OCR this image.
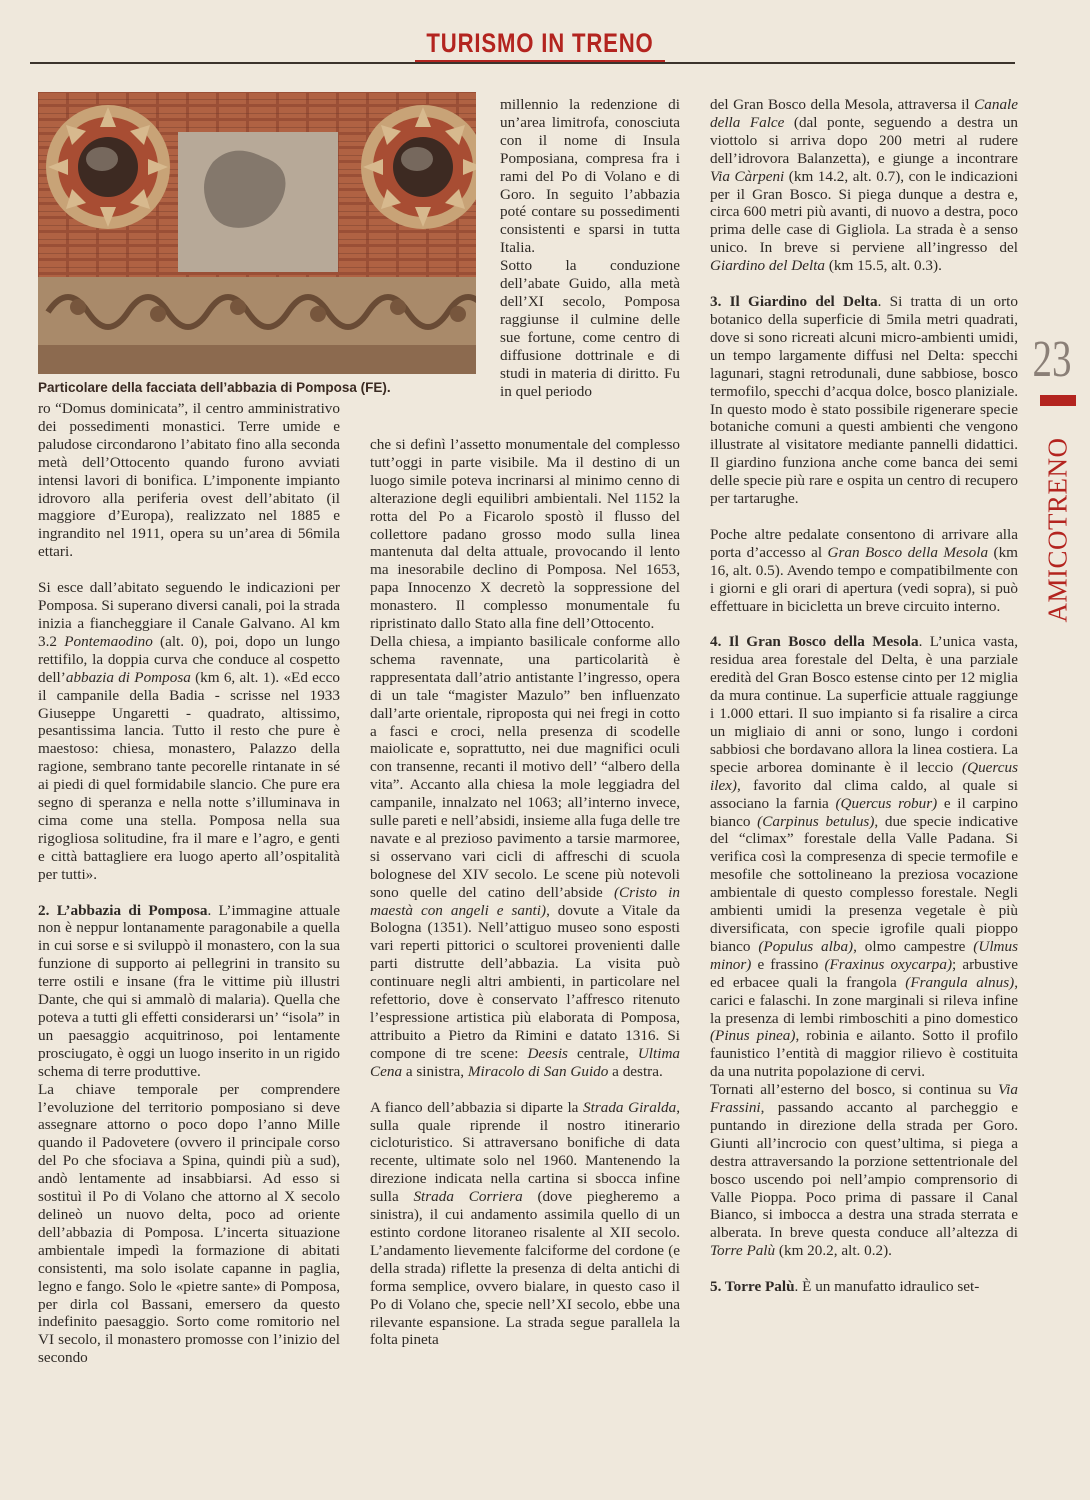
TURISMO IN TRENO
Particolare della facciata dell’abbazia di Pomposa (FE).

ro “Domus dominicata”, il centro amministrativo dei possedimenti monastici. Terre umide e paludose circondarono l’abitato fino alla seconda metà dell’Ottocento quando furono avviati intensi lavori di bonifica. L’imponente impianto idrovoro alla periferia ovest dell’abitato (il maggiore d’Europa), realizzato nel 1885 e ingrandito nel 1911, opera su un’area di 56mila ettari.

Si esce dall’abitato seguendo le indicazioni per Pomposa. Si superano diversi canali, poi la strada inizia a fiancheggiare il Canale Galvano. Al km 3.2 Pontemaodino (alt. 0), poi, dopo un lungo rettifilo, la doppia curva che conduce al cospetto dell’abbazia di Pomposa (km 6, alt. 1). «Ed ecco il campanile della Badia - scrisse nel 1933 Giuseppe Ungaretti - quadrato, altissimo, pesantissima lancia. Tutto il resto che pure è maestoso: chiesa, monastero, Palazzo della ragione, sembrano tante pecorelle rintanate in sé ai piedi di quel formidabile slancio. Che pure era segno di speranza e nella notte s’illuminava in cima come una stella. Pomposa nella sua rigogliosa solitudine, fra il mare e l’agro, e genti e città battagliere era luogo aperto all’ospitalità per tutti».

2. L’abbazia di Pomposa. L’immagine attuale non è neppur lontanamente paragonabile a quella in cui sorse e si sviluppò il monastero, con la sua funzione di supporto ai pellegrini in transito su terre ostili e insane (fra le vittime più illustri Dante, che qui si ammalò di malaria). Quella che poteva a tutti gli effetti considerarsi un’ “isola” in un paesaggio acquitrinoso, poi lentamente prosciugato, è oggi un luogo inserito in un rigido schema di terre produttive.

La chiave temporale per comprendere l’evoluzione del territorio pomposiano si deve assegnare attorno o poco dopo l’anno Mille quando il Padovetere (ovvero il principale corso del Po che sfociava a Spina, quindi più a sud), andò lentamente ad insabbiarsi. Ad esso si sostituì il Po di Volano che attorno al X secolo delineò un nuovo delta, poco ad oriente dell’abbazia di Pomposa. L’incerta situazione ambientale impedì la formazione di abitati consistenti, ma solo isolate capanne in paglia, legno e fango. Solo le «pietre sante» di Pomposa, per dirla col Bassani, emersero da questo indefinito paesaggio. Sorto come romitorio nel VI secolo, il monastero promosse con l’inizio del secondo

millennio la redenzione di un’area limitrofa, conosciuta con il nome di Insula Pomposiana, compresa fra i rami del Po di Volano e di Goro. In seguito l’abbazia poté contare su possedimenti consistenti e sparsi in tutta Italia.

Sotto la conduzione dell’abate Guido, alla metà dell’XI secolo, Pomposa raggiunse il culmine delle sue fortune, come centro di diffusione dottrinale e di studi in materia di diritto. Fu in quel periodo

che si definì l’assetto monumentale del complesso tutt’oggi in parte visibile. Ma il destino di un luogo simile poteva incrinarsi al minimo cenno di alterazione degli equilibri ambientali. Nel 1152 la rotta del Po a Ficarolo spostò il flusso del collettore padano grosso modo sulla linea mantenuta dal delta attuale, provocando il lento ma inesorabile declino di Pomposa. Nel 1653, papa Innocenzo X decretò la soppressione del monastero. Il complesso monumentale fu ripristinato dallo Stato alla fine dell’Ottocento.

Della chiesa, a impianto basilicale conforme allo schema ravennate, una particolarità è rappresentata dall’atrio antistante l’ingresso, opera di un tale “magister Mazulo” ben influenzato dall’arte orientale, riproposta qui nei fregi in cotto a fasci e croci, nella presenza di scodelle maiolicate e, soprattutto, nei due magnifici oculi con transenne, recanti il motivo dell’ “albero della vita”. Accanto alla chiesa la mole leggiadra del campanile, innalzato nel 1063; all’interno invece, sulle pareti e nell’absidi, insieme alla fuga delle tre navate e al prezioso pavimento a tarsie marmoree, si osservano vari cicli di affreschi di scuola bolognese del XIV secolo. Le scene più notevoli sono quelle del catino dell’abside (Cristo in maestà con angeli e santi), dovute a Vitale da Bologna (1351). Nell’attiguo museo sono esposti vari reperti pittorici o scultorei provenienti dalle parti distrutte dell’abbazia. La visita può continuare negli altri ambienti, in particolare nel refettorio, dove è conservato l’affresco ritenuto l’espressione artistica più elaborata di Pomposa, attribuito a Pietro da Rimini e datato 1316. Si compone di tre scene: Deesis centrale, Ultima Cena a sinistra, Miracolo di San Guido a destra.

A fianco dell’abbazia si diparte la Strada Giralda, sulla quale riprende il nostro itinerario cicloturistico. Si attraversano bonifiche di data recente, ultimate solo nel 1960. Mantenendo la direzione indicata nella cartina si sbocca infine sulla Strada Corriera (dove piegheremo a sinistra), il cui andamento assimila quello di un estinto cordone litoraneo risalente al XII secolo. L’andamento lievemente falciforme del cordone (e della strada) riflette la presenza di delta antichi di forma semplice, ovvero bialare, in questo caso il Po di Volano che, specie nell’XI secolo, ebbe una rilevante espansione. La strada segue parallela la folta pineta

del Gran Bosco della Mesola, attraversa il Canale della Falce (dal ponte, seguendo a destra un viottolo si arriva dopo 200 metri al rudere dell’idrovora Balanzetta), e giunge a incontrare Via Càrpeni (km 14.2, alt. 0.7), con le indicazioni per il Gran Bosco. Si piega dunque a destra e, circa 600 metri più avanti, di nuovo a destra, poco prima delle case di Gigliola. La strada è a senso unico. In breve si perviene all’ingresso del Giardino del Delta (km 15.5, alt. 0.3).

3. Il Giardino del Delta. Si tratta di un orto botanico della superficie di 5mila metri quadrati, dove si sono ricreati alcuni micro-ambienti umidi, un tempo largamente diffusi nel Delta: specchi lagunari, stagni retrodunali, dune sabbiose, bosco termofilo, specchi d’acqua dolce, bosco planiziale. In questo modo è stato possibile rigenerare specie botaniche comuni a questi ambienti che vengono illustrate al visitatore mediante pannelli didattici. Il giardino funziona anche come banca dei semi delle specie più rare e ospita un centro di recupero per tartarughe.

Poche altre pedalate consentono di arrivare alla porta d’accesso al Gran Bosco della Mesola (km 16, alt. 0.5). Avendo tempo e compatibilmente con i giorni e gli orari di apertura (vedi sopra), si può effettuare in bicicletta un breve circuito interno.

4. Il Gran Bosco della Mesola. L’unica vasta, residua area forestale del Delta, è una parziale eredità del Gran Bosco estense cinto per 12 miglia da mura continue. La superficie attuale raggiunge i 1.000 ettari. Il suo impianto si fa risalire a circa un migliaio di anni or sono, lungo i cordoni sabbiosi che bordavano allora la linea costiera. La specie arborea dominante è il leccio (Quercus ilex), favorito dal clima caldo, al quale si associano la farnia (Quercus robur) e il carpino bianco (Carpinus betulus), due specie indicative del “climax” forestale della Valle Padana. Si verifica così la compresenza di specie termofile e mesofile che sottolineano la preziosa vocazione ambientale di questo complesso forestale. Negli ambienti umidi la presenza vegetale è più diversificata, con specie igrofile quali pioppo bianco (Populus alba), olmo campestre (Ulmus minor) e frassino (Fraxinus oxycarpa); arbustive ed erbacee quali la frangola (Frangula alnus), carici e falaschi. In zone marginali si rileva infine la presenza di lembi rimboschiti a pino domestico (Pinus pinea), robinia e ailanto. Sotto il profilo faunistico l’entità di maggior rilievo è costituita da una nutrita popolazione di cervi.

Tornati all’esterno del bosco, si continua su Via Frassini, passando accanto al parcheggio e puntando in direzione della strada per Goro. Giunti all’incrocio con quest’ultima, si piega a destra attraversando la porzione settentrionale del bosco uscendo poi nell’ampio comprensorio di Valle Pioppa. Poco prima di passare il Canal Bianco, si imbocca a destra una strada sterrata e alberata. In breve questa conduce all’altezza di Torre Palù (km 20.2, alt. 0.2).

5. Torre Palù. È un manufatto idraulico set-

23
AMICOTRENO
